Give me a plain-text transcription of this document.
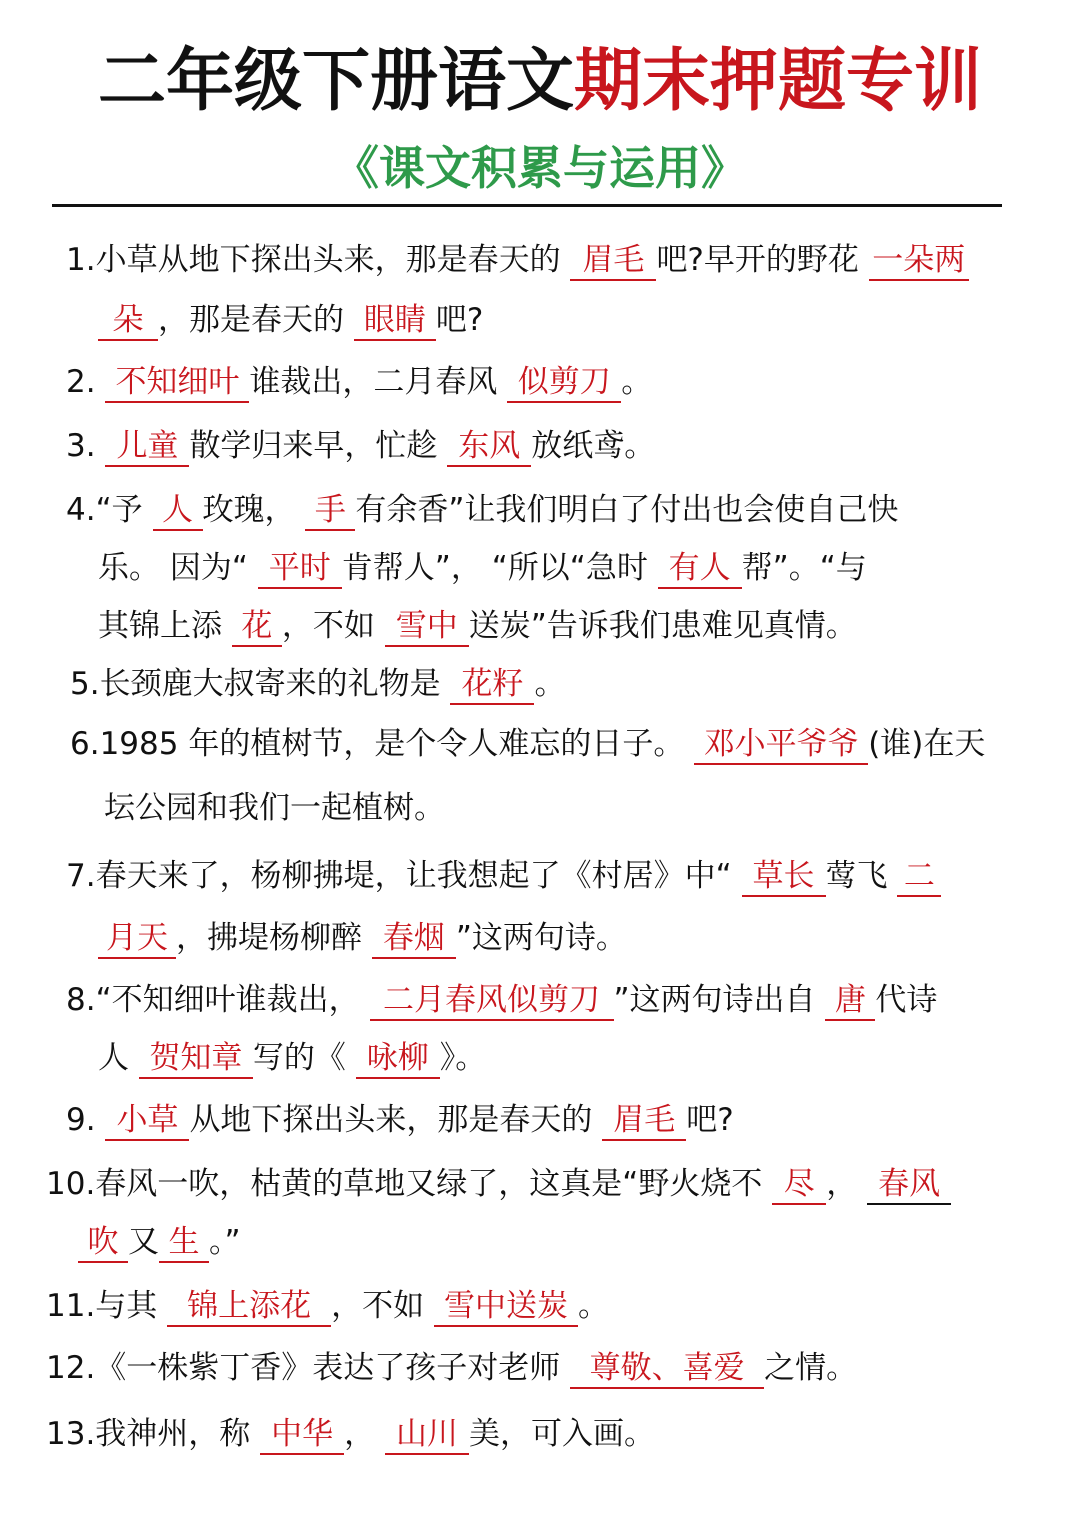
二年级下册语文期末押题专训
《课文积累与运用》
1.小草从地下探出头来，那是春天的 眉毛 吧?早开的野花 一朵两
朵 ，那是春天的 眼睛 吧?
2. 不知细叶 谁裁出，二月春风 似剪刀 。
3. 儿童 散学归来早，忙趁 东风 放纸鸢。
4.“予 人 玫瑰， 手 有余香”让我们明白了付出也会使自己快
乐。 因为“ 平时 肯帮人”， “所以“急时 有人 帮”。“与
其锦上添 花 ，不如 雪中 送炭”告诉我们患难见真情。
5.长颈鹿大叔寄来的礼物是 花籽 。
6.1985 年的植树节，是个令人难忘的日子。 邓小平爷爷 (谁)在天
坛公园和我们一起植树。
7.春天来了，杨柳拂堤，让我想起了《村居》中“ 草长 莺飞 二
月天 ，拂堤杨柳醉 春烟 ”这两句诗。
8.“不知细叶谁裁出， 二月春风似剪刀 ”这两句诗出自 唐 代诗
人 贺知章 写的《 咏柳 》。
9. 小草 从地下探出头来，那是春天的 眉毛 吧?
10.春风一吹，枯黄的草地又绿了，这真是“野火烧不 尽 ， 春风
吹 又 生 。”
11.与其 锦上添花 ，不如 雪中送炭 。
12.《一株紫丁香》表达了孩子对老师 尊敬、喜爱 之情。
13.我神州，称 中华 ， 山川 美，可入画。
